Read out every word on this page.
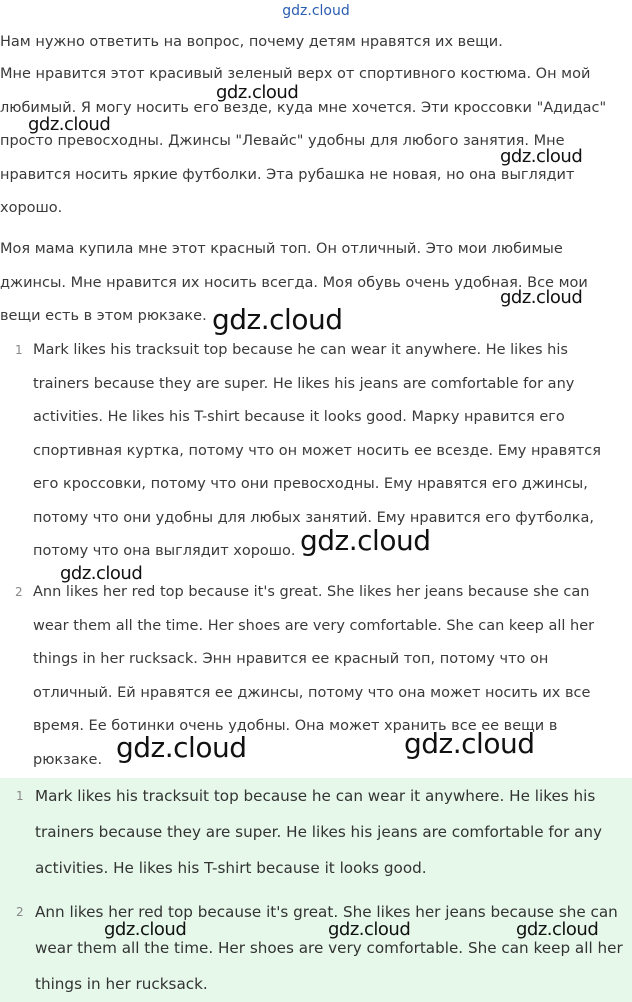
gdz.cloud
Нам нужно ответить на вопрос, почему детям нравятся их вещи.
Мне нравится этот красивый зеленый верх от спортивного костюма. Он мой любимый. Я могу носить его везде, куда мне хочется. Эти кроссовки "Адидас" просто превосходны. Джинсы "Левайс" удобны для любого занятия. Мне нравится носить яркие футболки. Эта рубашка не новая, но она выглядит хорошо.
Моя мама купила мне этот красный топ. Он отличный. Это мои любимые джинсы. Мне нравится их носить всегда. Моя обувь очень удобная. Все мои вещи есть в этом рюкзаке.
1 Mark likes his tracksuit top because he can wear it anywhere. He likes his trainers because they are super. He likes his jeans are comfortable for any activities. He likes his T-shirt because it looks good. Марку нравится его спортивная куртка, потому что он может носить ее всезде. Ему нравятся его кроссовки, потому что они превосходны. Ему нравятся его джинсы, потому что они удобны для любых занятий. Ему нравится его футболка, потому что она выглядит хорошо.
2 Ann likes her red top because it's great. She likes her jeans because she can wear them all the time. Her shoes are very comfortable. She can keep all her things in her rucksack. Энн нравится ее красный топ, потому что он отличный. Ей нравятся ее джинсы, потому что она может носить их все время. Ее ботинки очень удобны. Она может хранить все ее вещи в рюкзаке.
1 Mark likes his tracksuit top because he can wear it anywhere. He likes his trainers because they are super. He likes his jeans are comfortable for any activities. He likes his T-shirt because it looks good.
2 Ann likes her red top because it's great. She likes her jeans because she can wear them all the time. Her shoes are very comfortable. She can keep all her things in her rucksack.
gdz.cloud
gdz.cloud
gdz.cloud
gdz.cloud
gdz.cloud
gdz.cloud
gdz.cloud
gdz.cloud	gdz.cloud
gdz.cloud	gdz.cloud	gdz.cloud
